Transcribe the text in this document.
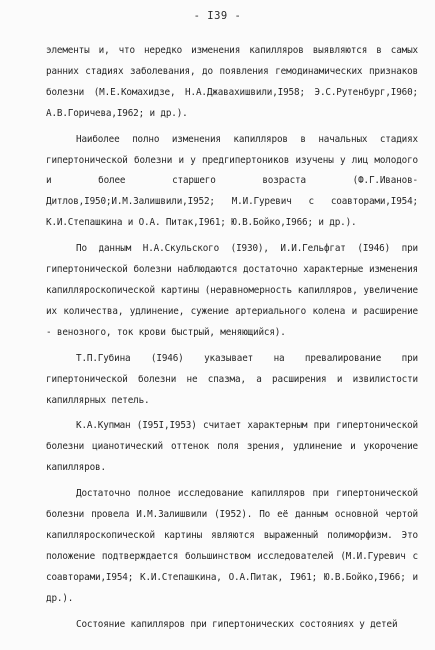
- I39 -

элементы и, что нередко изменения капилляров выявляются в самых ранних стадиях заболевания, до появления гемодинамических признаков болезни (М.Е.Комахидзе, Н.А.Джавахишвили,I958; Э.С.Рутенбург,I960; А.В.Горичева,I962; и др.).

Наиболее полно изменения капилляров в начальных стадиях гипертонической болезни и у предгипертоников изучены у лиц молодого и более старшего возраста (Ф.Г.Иванов-Дитлов,I950;И.М.Залишвили,I952; М.И.Гуревич с соавторами,I954; К.И.Степашкина и О.А. Питак,I961; Ю.В.Бойко,I966; и др.).

По данным Н.А.Скульского (I930), И.И.Гельфгат (I946) при гипертонической болезни наблюдаются достаточно характерные изменения капилляроскопической картины (неравномерность капилляров, увеличение их количества, удлинение, сужение артериального колена и расширение - венозного, ток крови быстрый, меняющийся).

Т.П.Губина (I946) указывает на превалирование при гипертонической болезни не спазма, а расширения и извилистости капиллярных петель.

К.А.Купман (I95I,I953) считает характерным при гипертонической болезни цианотический оттенок поля зрения, удлинение и укорочение капилляров.

Достаточно полное исследование капилляров при гипертонической болезни провела И.М.Залишвили (I952). По её данным основной чертой капилляроскопической картины являются выраженный полиморфизм. Это положение подтверждается большинством исследователей (М.И.Гуревич с соавторами,I954; К.И.Степашкина, О.А.Питак, I961; Ю.В.Бойко,I966; и др.).

Состояние капилляров при гипертонических состояниях у детей
